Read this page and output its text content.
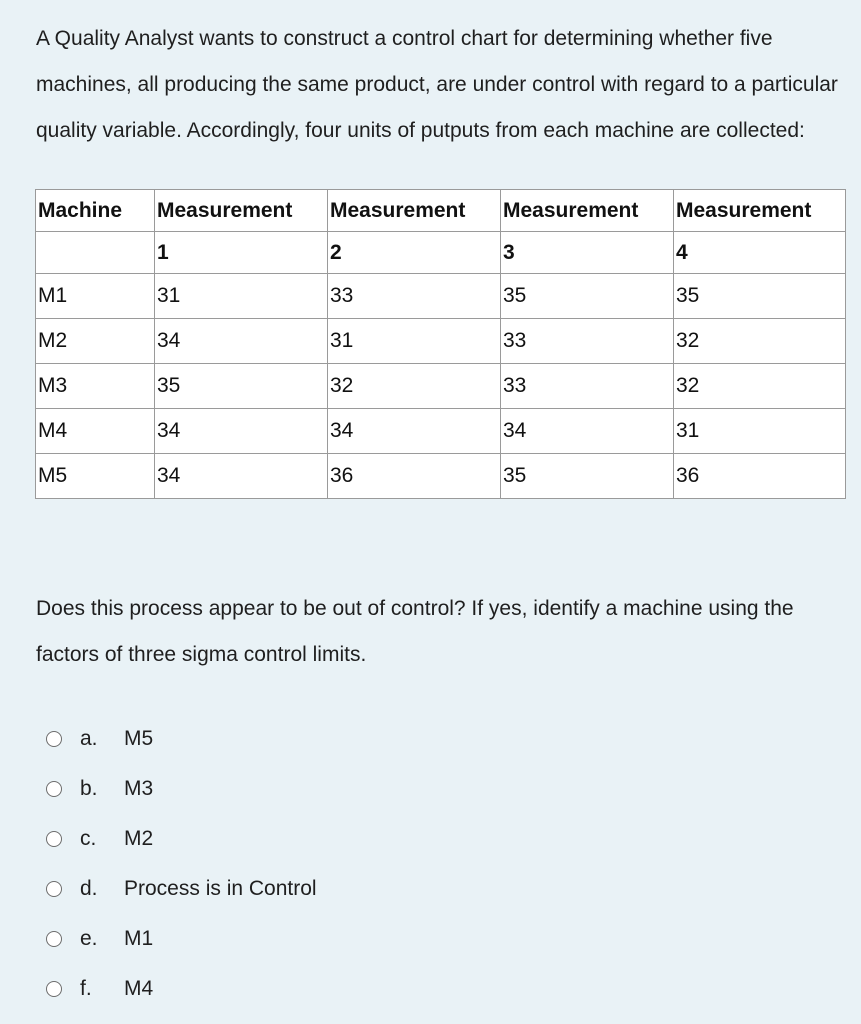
A Quality Analyst wants to construct a control chart for determining whether five machines, all producing the same product, are under control with regard to a particular quality variable. Accordingly, four units of putputs from each machine are collected:

Machine	Measurement	Measurement	Measurement	Measurement
	1	2	3	4
M1	31	33	35	35
M2	34	31	33	32
M3	35	32	33	32
M4	34	34	34	31
M5	34	36	35	36

Does this process appear to be out of control? If yes, identify a machine using the factors of three sigma control limits.

a.	M5
b.	M3
c.	M2
d.	Process is in Control
e.	M1
f.	M4
